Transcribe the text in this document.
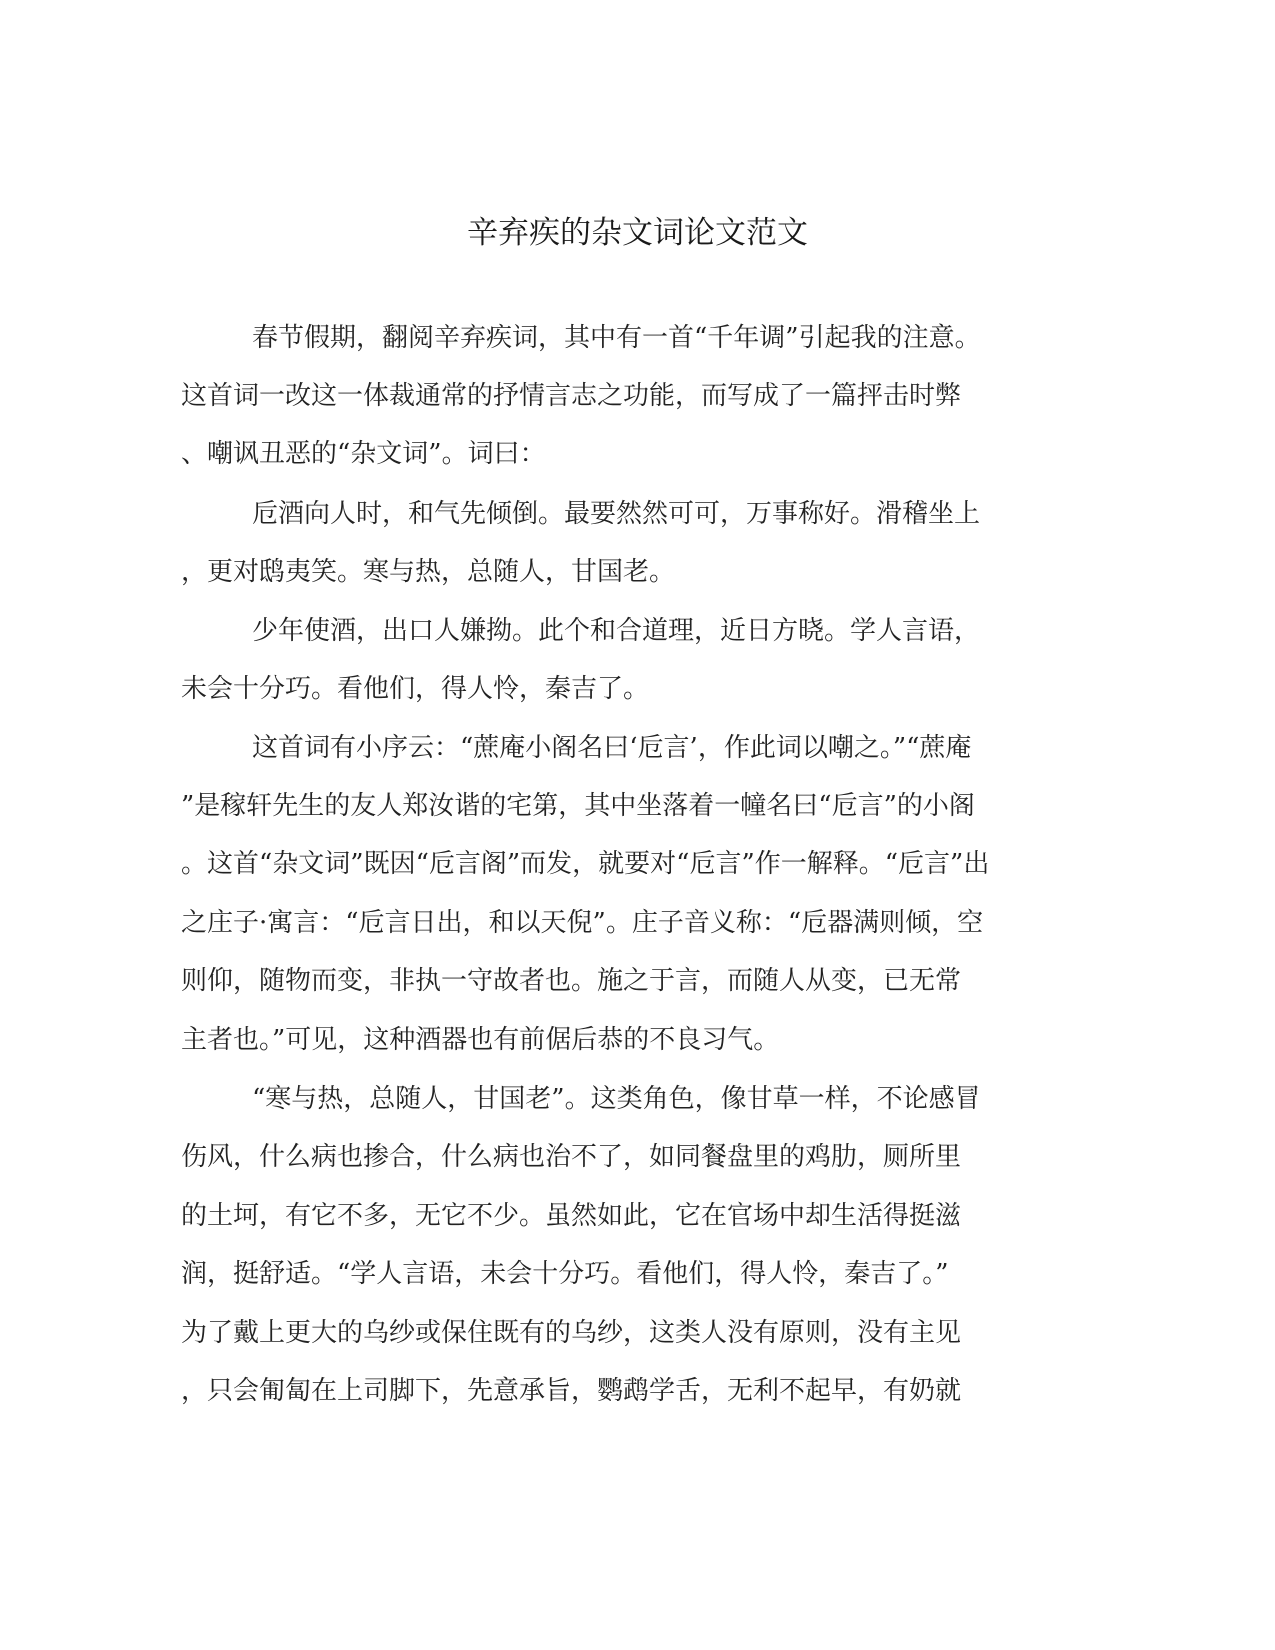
辛弃疾的杂文词论文范文

春节假期，翻阅辛弃疾词，其中有一首“千年调”引起我的注意。

这首词一改这一体裁通常的抒情言志之功能，而写成了一篇抨击时弊

、嘲讽丑恶的“杂文词”。词曰：

卮酒向人时，和气先倾倒。最要然然可可，万事称好。滑稽坐上

，更对鸱夷笑。寒与热，总随人，甘国老。

少年使酒，出口人嫌拗。此个和合道理，近日方晓。学人言语，

未会十分巧。看他们，得人怜，秦吉了。

这首词有小序云：“蔗庵小阁名曰‘卮言’，作此词以嘲之。”“蔗庵

”是稼轩先生的友人郑汝谐的宅第，其中坐落着一幢名曰“卮言”的小阁

。这首“杂文词”既因“卮言阁”而发，就要对“卮言”作一解释。“卮言”出

之庄子·寓言：“卮言日出，和以天倪”。庄子音义称：“卮器满则倾，空

则仰，随物而变，非执一守故者也。施之于言，而随人从变，已无常

主者也。”可见，这种酒器也有前倨后恭的不良习气。

“寒与热，总随人，甘国老”。这类角色，像甘草一样，不论感冒

伤风，什么病也掺合，什么病也治不了，如同餐盘里的鸡肋，厕所里

的土坷，有它不多，无它不少。虽然如此，它在官场中却生活得挺滋

润，挺舒适。“学人言语，未会十分巧。看他们，得人怜，秦吉了。”

为了戴上更大的乌纱或保住既有的乌纱，这类人没有原则，没有主见

，只会匍匐在上司脚下，先意承旨，鹦鹉学舌，无利不起早，有奶就
